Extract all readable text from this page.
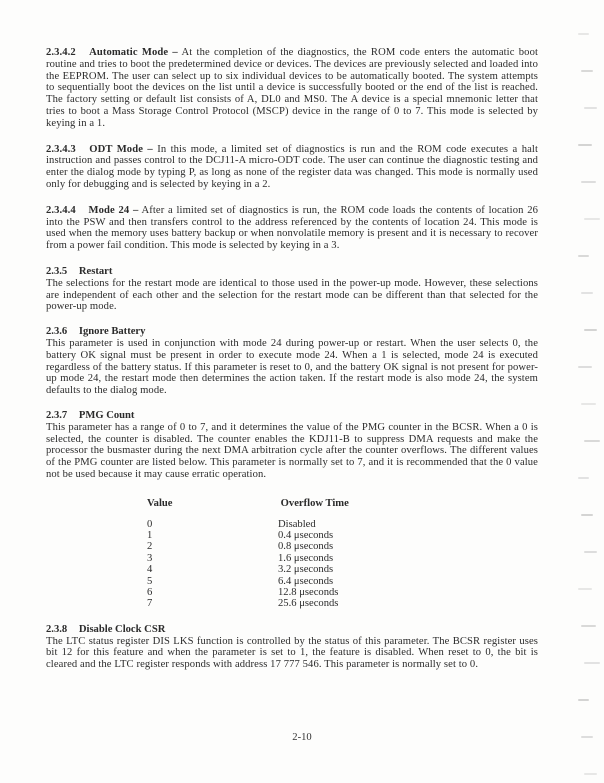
2.3.4.2 Automatic Mode – At the completion of the diagnostics, the ROM code enters the automatic boot routine and tries to boot the predetermined device or devices. The devices are previously selected and loaded into the EEPROM. The user can select up to six individual devices to be automatically booted. The system attempts to sequentially boot the devices on the list until a device is successfully booted or the end of the list is reached. The factory setting or default list consists of A, DL0 and MS0. The A device is a special mnemonic letter that tries to boot a Mass Storage Control Protocol (MSCP) device in the range of 0 to 7. This mode is selected by keying in a 1.

2.3.4.3 ODT Mode – In this mode, a limited set of diagnostics is run and the ROM code executes a halt instruction and passes control to the DCJ11-A micro-ODT code. The user can continue the diagnostic testing and enter the dialog mode by typing P, as long as none of the register data was changed. This mode is normally used only for debugging and is selected by keying in a 2.

2.3.4.4 Mode 24 – After a limited set of diagnostics is run, the ROM code loads the contents of location 26 into the PSW and then transfers control to the address referenced by the contents of location 24. This mode is used when the memory uses battery backup or when nonvolatile memory is present and it is necessary to recover from a power fail condition. This mode is selected by keying in a 3.

2.3.5 Restart

The selections for the restart mode are identical to those used in the power-up mode. However, these selections are independent of each other and the selection for the restart mode can be different than that selected for the power-up mode.

2.3.6 Ignore Battery

This parameter is used in conjunction with mode 24 during power-up or restart. When the user selects 0, the battery OK signal must be present in order to execute mode 24. When a 1 is selected, mode 24 is executed regardless of the battery status. If this parameter is reset to 0, and the battery OK signal is not present for power-up mode 24, the restart mode then determines the action taken. If the restart mode is also mode 24, the system defaults to the dialog mode.

2.3.7 PMG Count

This parameter has a range of 0 to 7, and it determines the value of the PMG counter in the BCSR. When a 0 is selected, the counter is disabled. The counter enables the KDJ11-B to suppress DMA requests and make the processor the busmaster during the next DMA arbitration cycle after the counter overflows. The different values of the PMG counter are listed below. This parameter is normally set to 7, and it is recommended that the 0 value not be used because it may cause erratic operation.

Value	Overflow Time
0	Disabled
1	0.4 μseconds
2	0.8 μseconds
3	1.6 μseconds
4	3.2 μseconds
5	6.4 μseconds
6	12.8 μseconds
7	25.6 μseconds

2.3.8 Disable Clock CSR

The LTC status register DIS LKS function is controlled by the status of this parameter. The BCSR register uses bit 12 for this feature and when the parameter is set to 1, the feature is disabled. When reset to 0, the bit is cleared and the LTC register responds with address 17 777 546. This parameter is normally set to 0.

2-10
